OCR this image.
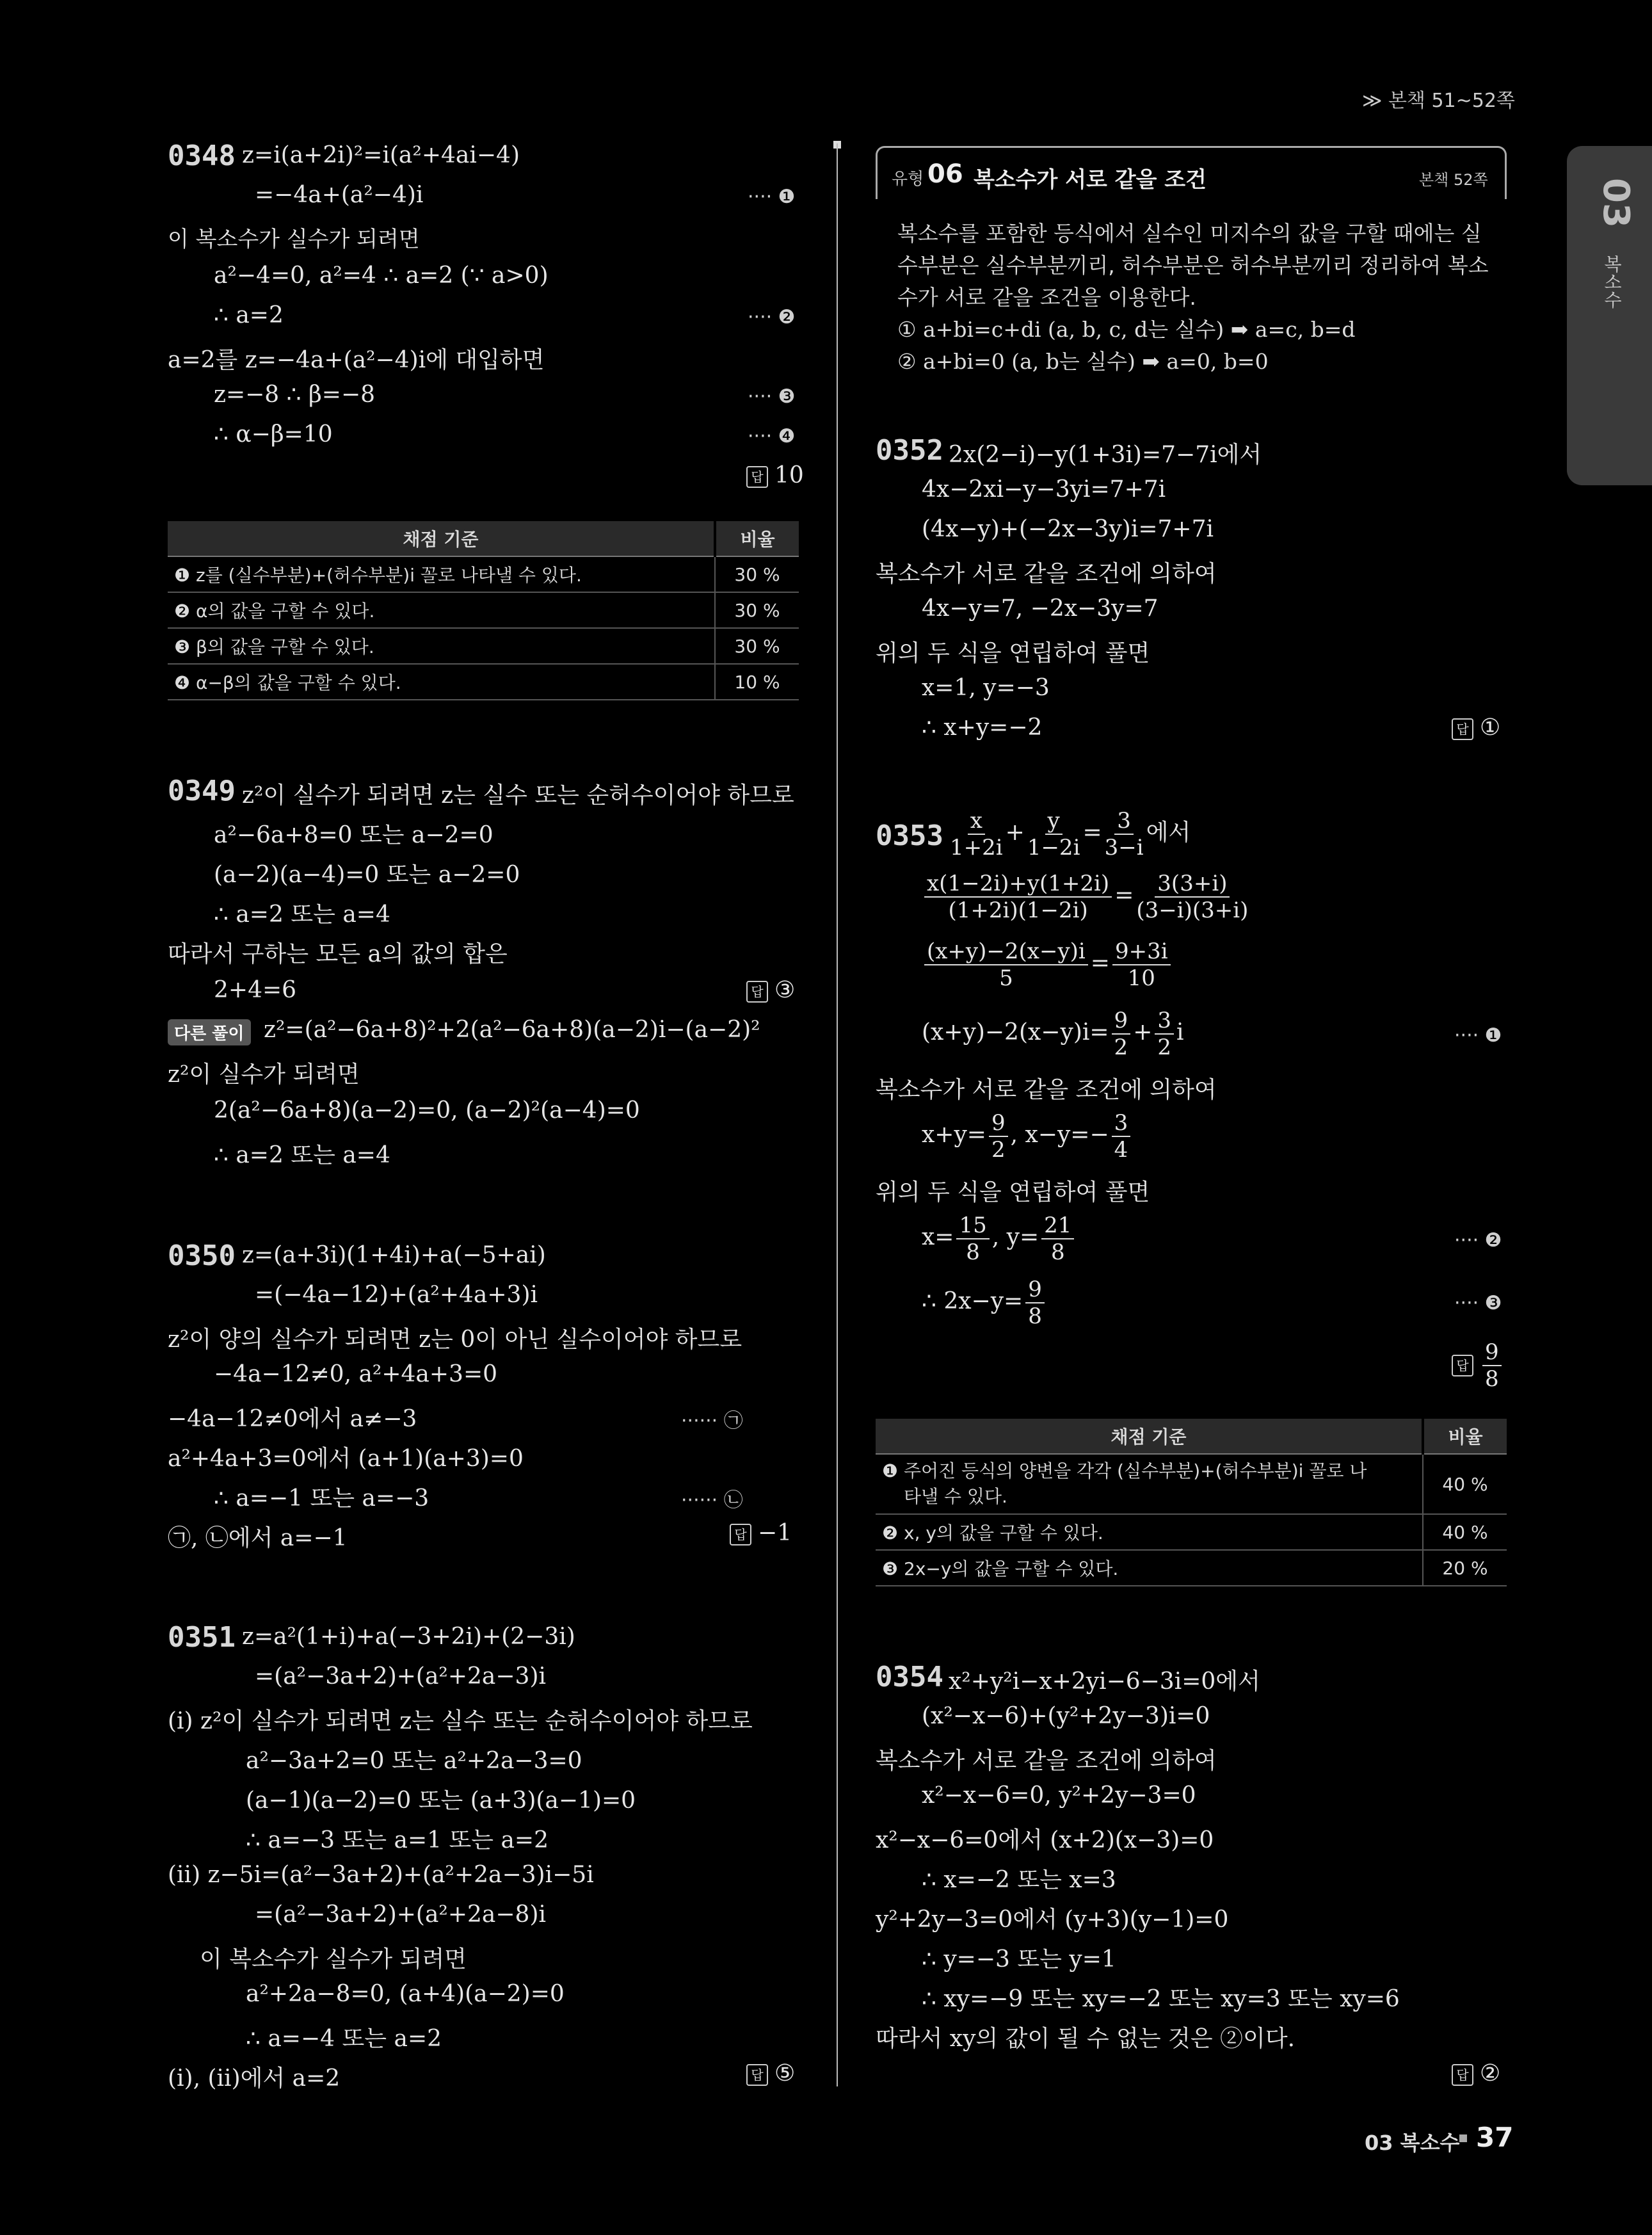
≫ 본책 51~52쪽
03
복소수
0348 z=i(a+2i)²=i(a²+4ai−4)
=−4a+(a²−4)i	···· ❶
이 복소수가 실수가 되려면
a²−4=0, a²=4 ∴ a=2 (∵ a>0)
∴ a=2	···· ❷
a=2를 z=−4a+(a²−4)i에 대입하면
z=−8 ∴ β=−8	···· ❸
∴ α−β=10	···· ❹
답 10
채점 기준	비율
❶ z를 (실수부분)+(허수부분)i 꼴로 나타낼 수 있다.	30 %
❷ α의 값을 구할 수 있다.	30 %
❸ β의 값을 구할 수 있다.	30 %
❹ α−β의 값을 구할 수 있다.	10 %
0349 z²이 실수가 되려면 z는 실수 또는 순허수이어야 하므로
a²−6a+8=0 또는 a−2=0
(a−2)(a−4)=0 또는 a−2=0
∴ a=2 또는 a=4
따라서 구하는 모든 a의 값의 합은
2+4=6	답 ③
다른 풀이 z²=(a²−6a+8)²+2(a²−6a+8)(a−2)i−(a−2)²
z²이 실수가 되려면
2(a²−6a+8)(a−2)=0, (a−2)²(a−4)=0
∴ a=2 또는 a=4
0350 z=(a+3i)(1+4i)+a(−5+ai)
=(−4a−12)+(a²+4a+3)i
z²이 양의 실수가 되려면 z는 0이 아닌 실수이어야 하므로
−4a−12≠0, a²+4a+3=0
−4a−12≠0에서 a≠−3	······ ㉠
a²+4a+3=0에서 (a+1)(a+3)=0
∴ a=−1 또는 a=−3	······ ㉡
㉠, ㉡에서 a=−1	답 −1
0351 z=a²(1+i)+a(−3+2i)+(2−3i)
=(a²−3a+2)+(a²+2a−3)i
(ⅰ) z²이 실수가 되려면 z는 실수 또는 순허수이어야 하므로
a²−3a+2=0 또는 a²+2a−3=0
(a−1)(a−2)=0 또는 (a+3)(a−1)=0
∴ a=−3 또는 a=1 또는 a=2
(ⅱ) z−5i=(a²−3a+2)+(a²+2a−3)i−5i
=(a²−3a+2)+(a²+2a−8)i
이 복소수가 실수가 되려면
a²+2a−8=0, (a+4)(a−2)=0
∴ a=−4 또는 a=2
(ⅰ), (ⅱ)에서 a=2	답 ⑤
유형 06 복소수가 서로 같을 조건	본책 52쪽
복소수를 포함한 등식에서 실수인 미지수의 값을 구할 때에는 실
수부분은 실수부분끼리, 허수부분은 허수부분끼리 정리하여 복소
수가 서로 같을 조건을 이용한다.
① a+bi=c+di (a, b, c, d는 실수) ➡ a=c, b=d
② a+bi=0 (a, b는 실수) ➡ a=0, b=0
0352 2x(2−i)−y(1+3i)=7−7i에서
4x−2xi−y−3yi=7+7i
(4x−y)+(−2x−3y)i=7+7i
복소수가 서로 같을 조건에 의하여
4x−y=7, −2x−3y=7
위의 두 식을 연립하여 풀면
x=1, y=−3
∴ x+y=−2	답 ①
$0353 \frac{x}{1+2i} + \frac{y}{1-2i} = \frac{3}{3-i}$ 에서
$\frac{x(1-2i)+y(1+2i)}{(1+2i)(1-2i)} = \frac{3(3+i)}{(3-i)(3+i)}$
$\frac{(x+y)-2(x-y)i}{5} = \frac{9+3i}{10}$
$(x+y)-2(x-y)i= \frac{9}{2} + \frac{3}{2}$ i	···· ❶
복소수가 서로 같을 조건에 의하여
$x+y= \frac{9}{2}$ , $x-y=- \frac{3}{4}$
위의 두 식을 연립하여 풀면
$x= \frac{15}{8}$ , $y= \frac{21}{8}$	···· ❷
∴ $2x-y= \frac{9}{8}$	···· ❸
답 $\frac{9}{8}$
채점 기준	비율

❶ 주어진 등식의 양변을 각각 (실수부분)+(허수부분)i 꼴로 나
타낼 수 있다.	40 %
❷ x, y의 값을 구할 수 있다.	40 %
❸ 2x−y의 값을 구할 수 있다.	20 %
0354 x²+y²i−x+2yi−6−3i=0에서
(x²−x−6)+(y²+2y−3)i=0
복소수가 서로 같을 조건에 의하여
x²−x−6=0, y²+2y−3=0
x²−x−6=0에서 (x+2)(x−3)=0
∴ x=−2 또는 x=3
y²+2y−3=0에서 (y+3)(y−1)=0
∴ y=−3 또는 y=1
∴ xy=−9 또는 xy=−2 또는 xy=3 또는 xy=6
따라서 xy의 값이 될 수 없는 것은 ②이다.
답 ②
03 복소수 37
